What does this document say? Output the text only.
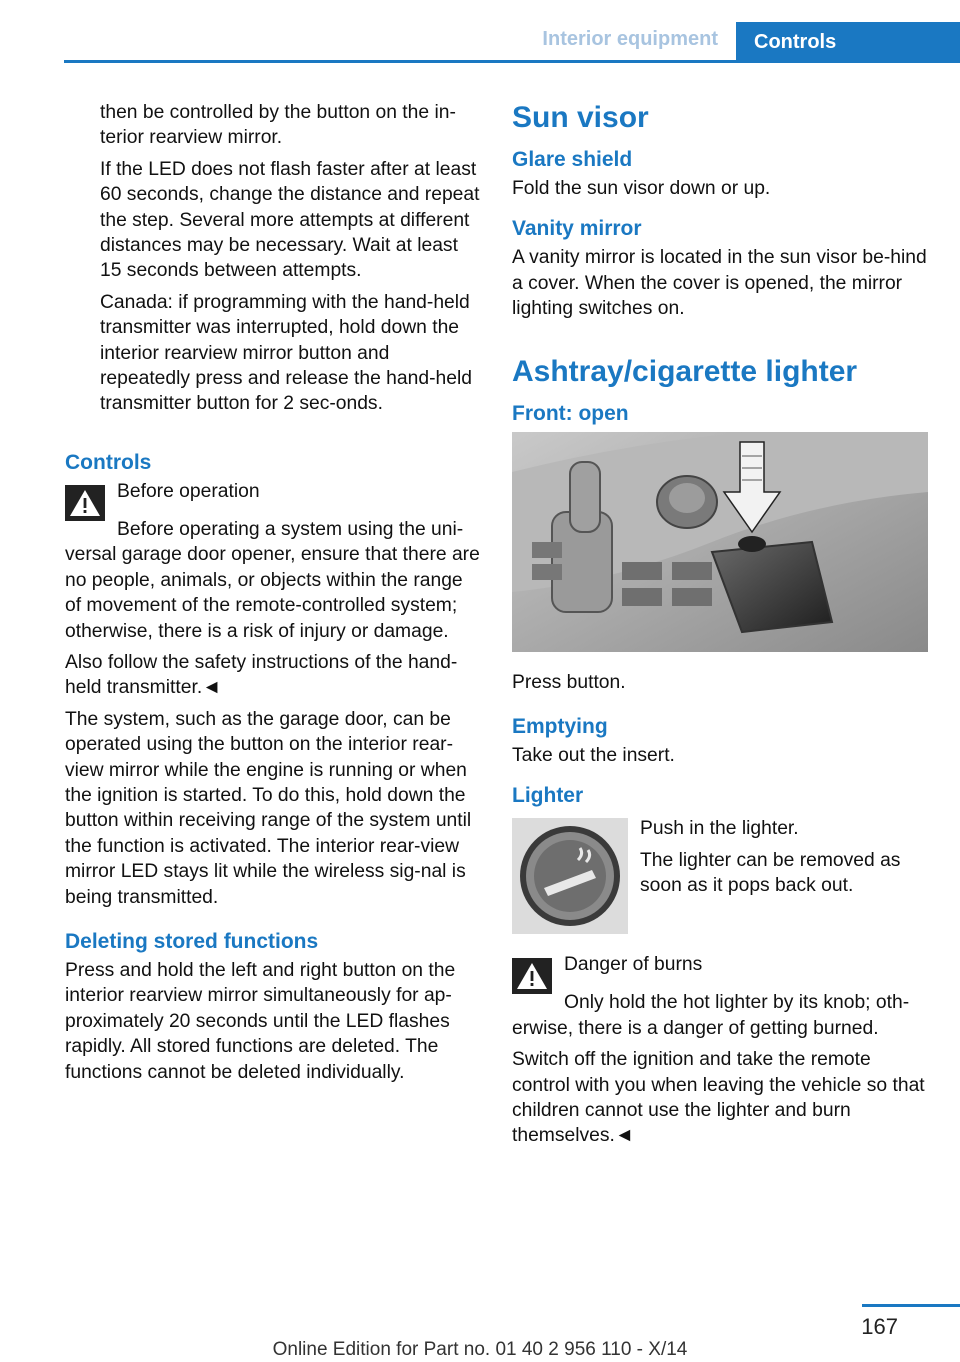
Interior equipment	Controls

then be controlled by the button on the in-terior rearview mirror.

If the LED does not flash faster after at least 60 seconds, change the distance and repeat the step. Several more attempts at different distances may be necessary. Wait at least 15 seconds between attempts.

Canada: if programming with the hand-held transmitter was interrupted, hold down the interior rearview mirror button and repeatedly press and release the hand-held transmitter button for 2 sec-onds.

Controls

Before operation

Before operating a system using the uni-versal garage door opener, ensure that there are no people, animals, or objects within the range of movement of the remote-controlled system; otherwise, there is a risk of injury or damage.

Also follow the safety instructions of the hand-held transmitter.◄

The system, such as the garage door, can be operated using the button on the interior rear-view mirror while the engine is running or when the ignition is started. To do this, hold down the button within receiving range of the system until the function is activated. The interior rear-view mirror LED stays lit while the wireless sig-nal is being transmitted.

Deleting stored functions

Press and hold the left and right button on the interior rearview mirror simultaneously for ap-proximately 20 seconds until the LED flashes rapidly. All stored functions are deleted. The functions cannot be deleted individually.

Sun visor
Glare shield

Fold the sun visor down or up.

Vanity mirror

A vanity mirror is located in the sun visor be-hind a cover. When the cover is opened, the mirror lighting switches on.

Ashtray/cigarette lighter
Front: open

Press button.

Emptying

Take out the insert.

Lighter

Push in the lighter.

The lighter can be removed as soon as it pops back out.

Danger of burns

Only hold the hot lighter by its knob; oth-erwise, there is a danger of getting burned.

Switch off the ignition and take the remote control with you when leaving the vehicle so that children cannot use the lighter and burn themselves.◄

167
Online Edition for Part no. 01 40 2 956 110 - X/14
